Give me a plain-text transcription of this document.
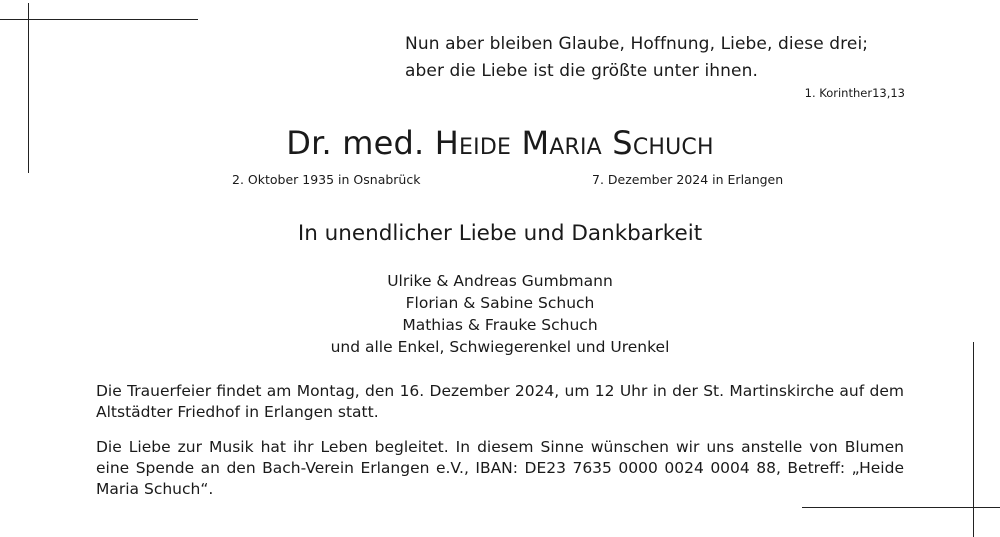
Nun aber bleiben Glaube, Hoffnung, Liebe, diese drei;
aber die Liebe ist die größte unter ihnen.
1. Korinther13,13
Dr. med. Heide Maria Schuch
2. Oktober 1935 in Osnabrück	7. Dezember 2024 in Erlangen
In unendlicher Liebe und Dankbarkeit
Ulrike & Andreas Gumbmann
Florian & Sabine Schuch
Mathias & Frauke Schuch
und alle Enkel, Schwiegerenkel und Urenkel
Die Trauerfeier findet am Montag, den 16. Dezember 2024, um 12 Uhr in der St. Martinskirche auf dem Altstädter Friedhof in Erlangen statt.
Die Liebe zur Musik hat ihr Leben begleitet. In diesem Sinne wünschen wir uns anstelle von Blumen eine Spende an den Bach-Verein Erlangen e.V., IBAN: DE23 7635 0000 0024 0004 88, Betreff: „Heide Maria Schuch“.
